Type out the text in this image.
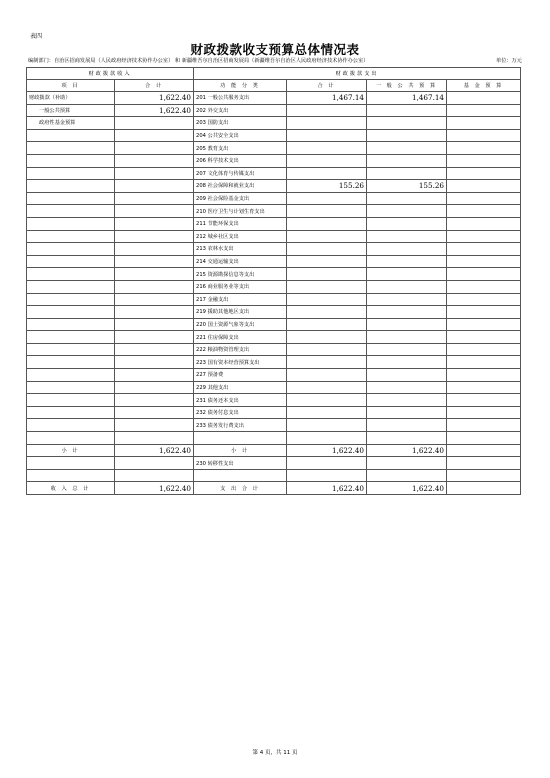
表四
财政拨款收支预算总体情况表
编制部门：自治区招商发展局（人民政府经济技术协作办公室） 和 新疆维吾尔自治区招商发展局（新疆维吾尔自治区人民政府经济技术协作办公室）	单位：万元
财政拨款收入		财政拨款支出			
项 目	合 计	功 能 分 类	合 计	一 般 公 共 预 算	基 金 预 算
财政拨款（补助）	1,622.40	201 一般公共服务支出	1,467.14	1,467.14	
一般公共预算	1,622.40	202 外交支出			
政府性基金预算		203 国防支出			
		204 公共安全支出			
		205 教育支出			
		206 科学技术支出			
		207 文化体育与传媒支出			
		208 社会保障和就业支出	155.26	155.26	
		209 社会保险基金支出			
		210 医疗卫生与计划生育支出			
		211 节能环保支出			
		212 城乡社区支出			
		213 农林水支出			
		214 交通运输支出			
		215 资源勘探信息等支出			
		216 商业服务业等支出			
		217 金融支出			
		219 援助其他地区支出			
		220 国土资源气象等支出			
		221 住房保障支出			
		222 粮油物资管理支出			
		223 国有资本经营预算支出			
		227 预备费			
		229 其他支出			
		231 债务还本支出			
		232 债务付息支出			
		233 债务发行费支出			

小 计	1,622.40	小 计	1,622.40	1,622.40	
		230 转移性支出			

收 入 总 计	1,622.40	支 出 合 计	1,622.40	1,622.40	
第 4 页，共 11 页
